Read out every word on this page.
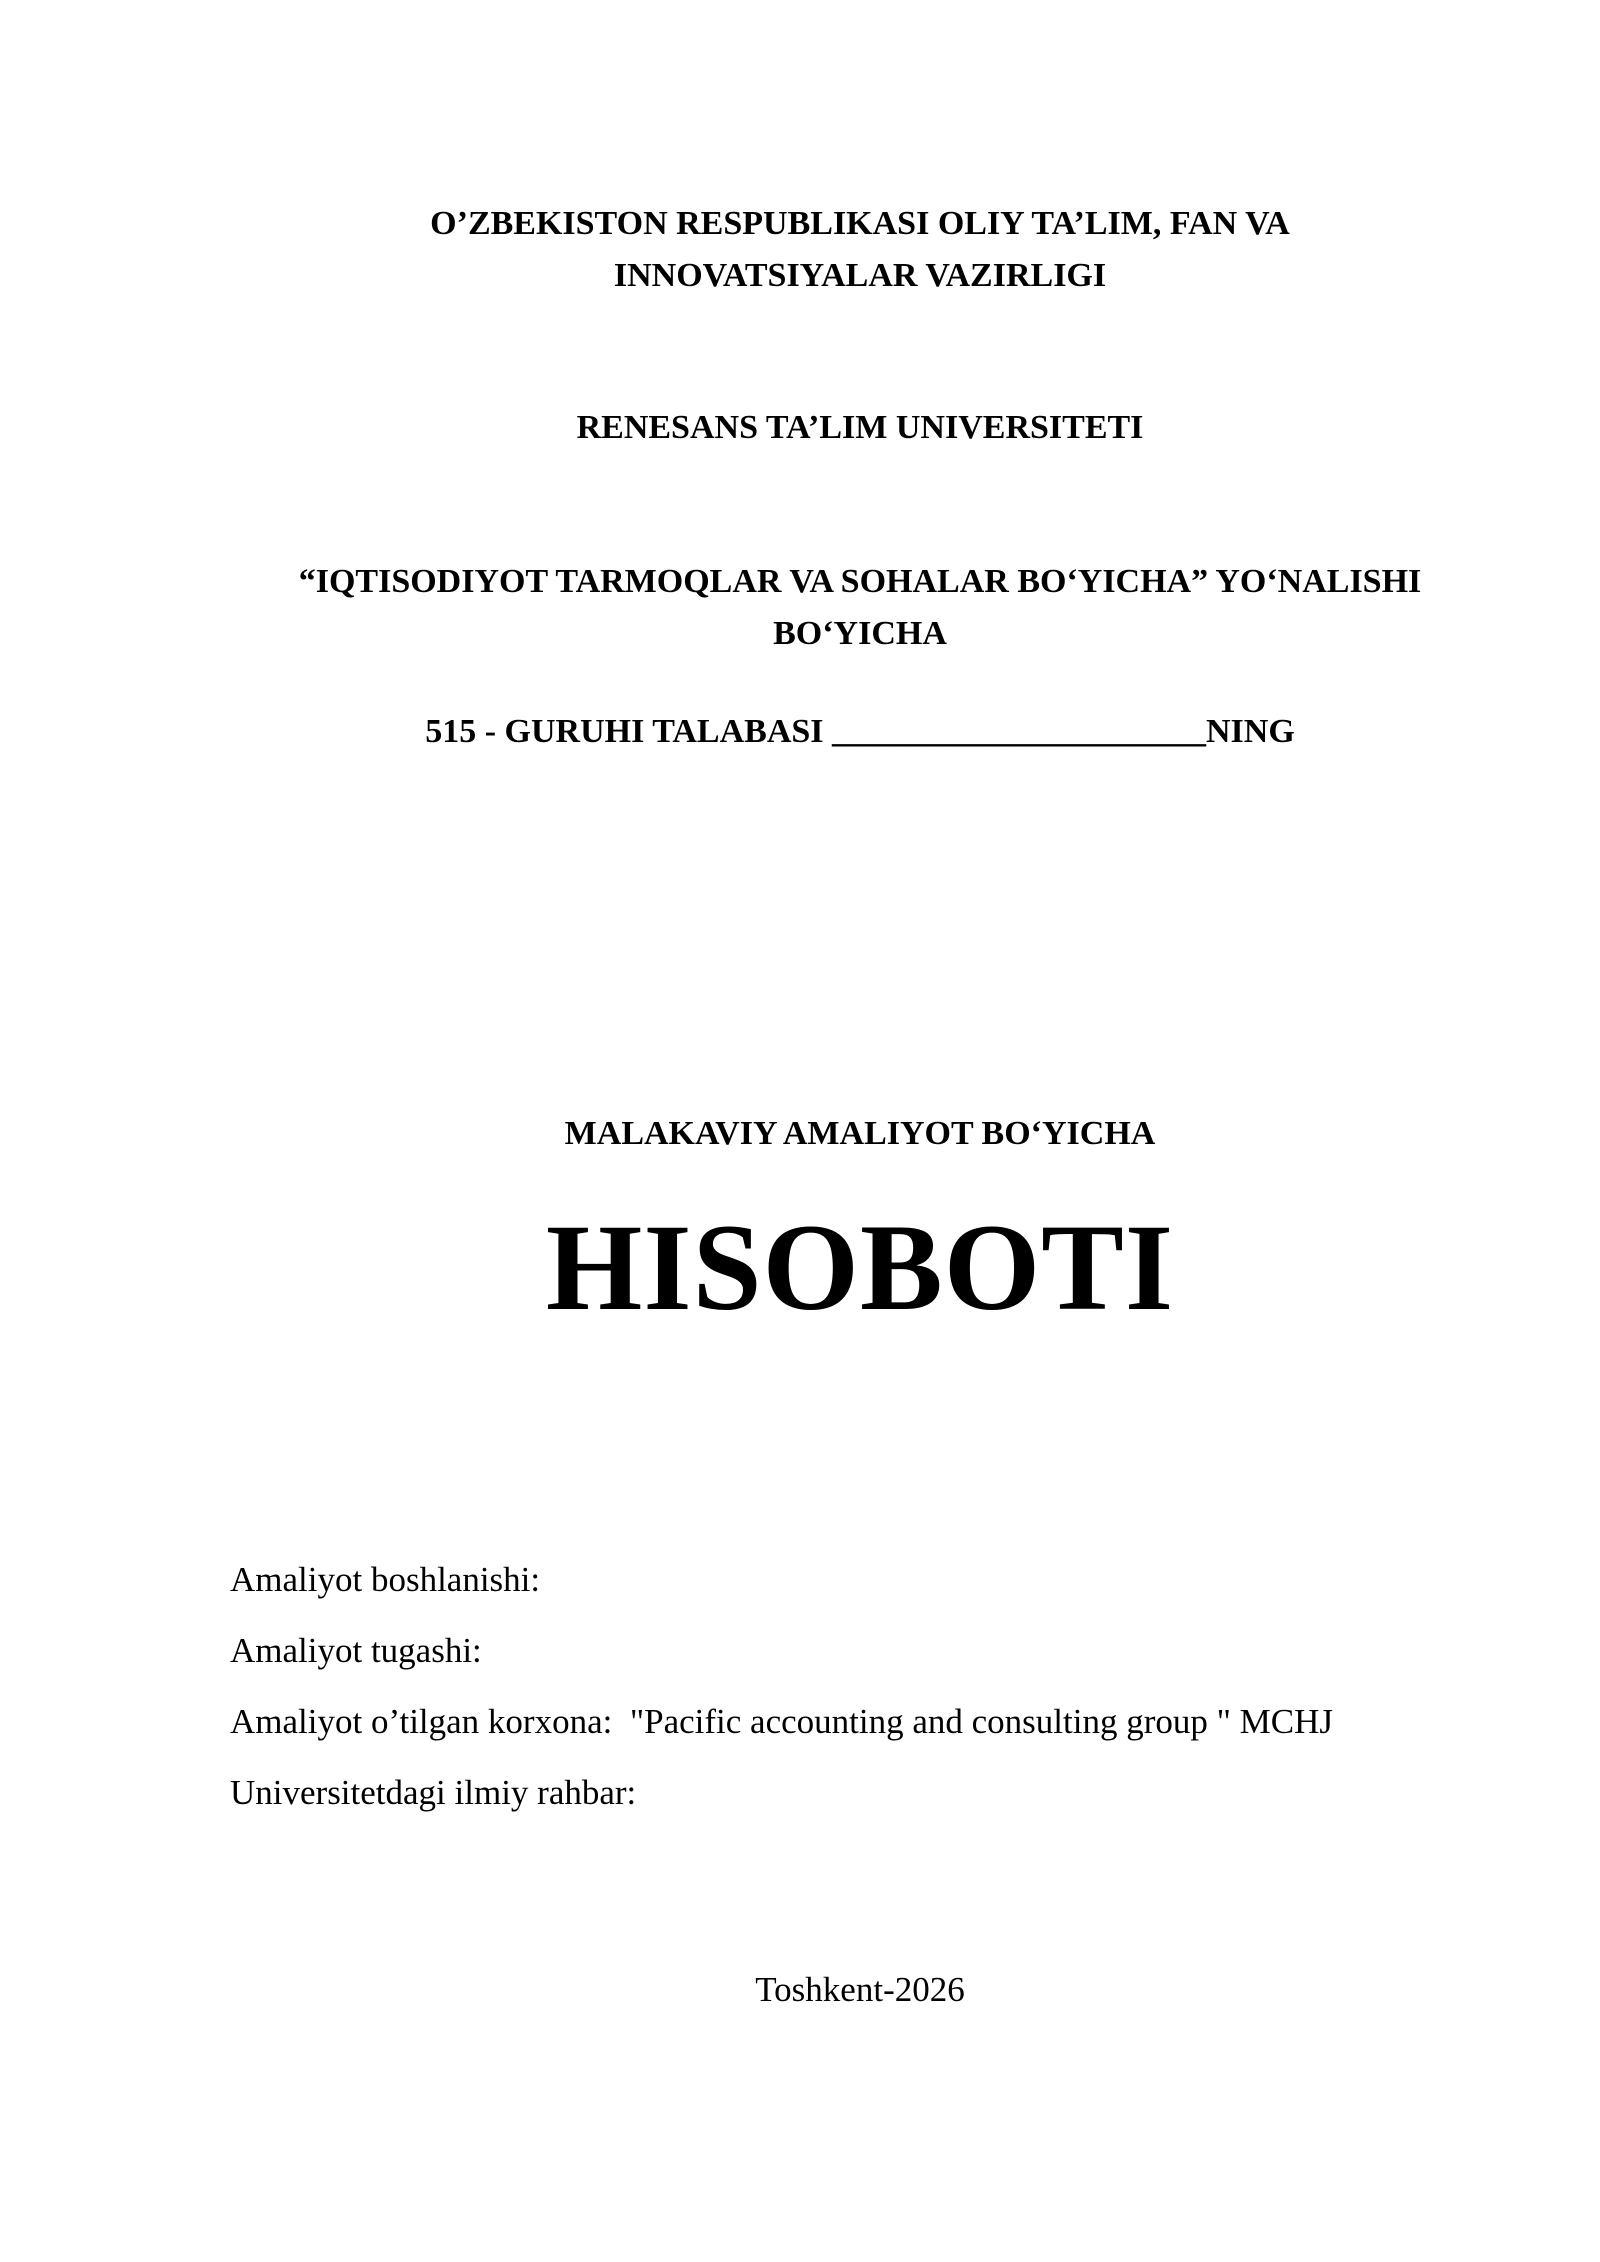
O’ZBEKISTON RESPUBLIKASI OLIY TA’LIM, FAN VA
INNOVATSIYALAR VAZIRLIGI
RENESANS TA’LIM UNIVERSITETI
“IQTISODIYOT TARMOQLAR VA SOHALAR BO‘YICHA” YO‘NALISHI
BO‘YICHA
515 - GURUHI TALABASI ______________________NING
MALAKAVIY AMALIYOT BO‘YICHA
HISOBOTI
Amaliyot boshlanishi:
Amaliyot tugashi:
Amaliyot o’tilgan korxona:  "Pacific accounting and consulting group " MCHJ
Universitetdagi ilmiy rahbar:
Toshkent-2026
